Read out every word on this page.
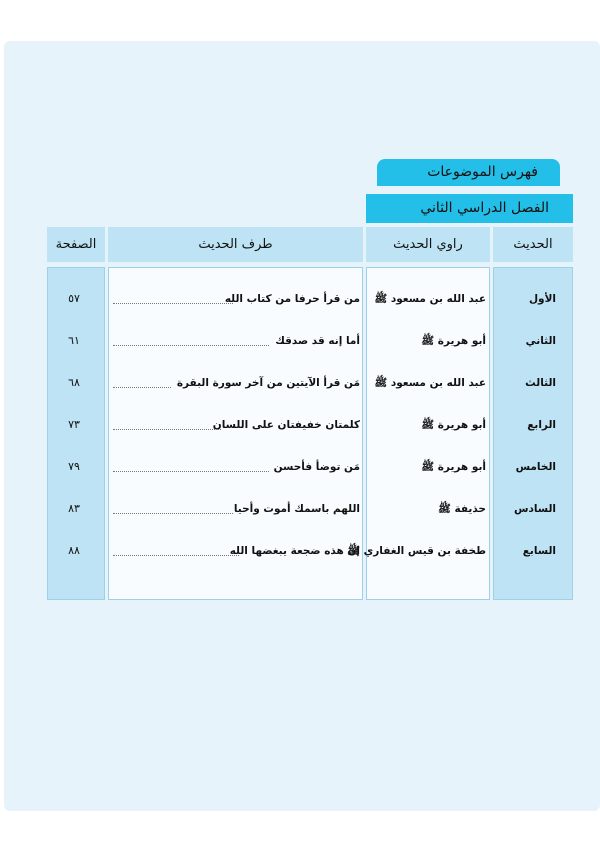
فهرس الموضوعات
الفصل الدراسي الثاني
الحديث
راوي الحديث
طرف الحديث
الصفحة
الأول
عبد الله بن مسعود ﷺ
من قرأ حرفا من كتاب الله
٥٧
الثاني
أبو هريرة ﷺ
أما إنه قد صدقك
٦١
الثالث
عبد الله بن مسعود ﷺ
مَن قرأ الآيتين من آخر سورة البقرة
٦٨
الرابع
أبو هريرة ﷺ
كلمتان خفيفتان على اللسان
٧٣
الخامس
أبو هريرة ﷺ
مَن توضأ فأحسن
٧٩
السادس
حذيفة ﷺ
اللهم باسمك أموت وأحيا
٨٣
السابع
طخفة بن قيس الغفاري ﷺ
إن هذه ضجعة يبغضها الله
٨٨
